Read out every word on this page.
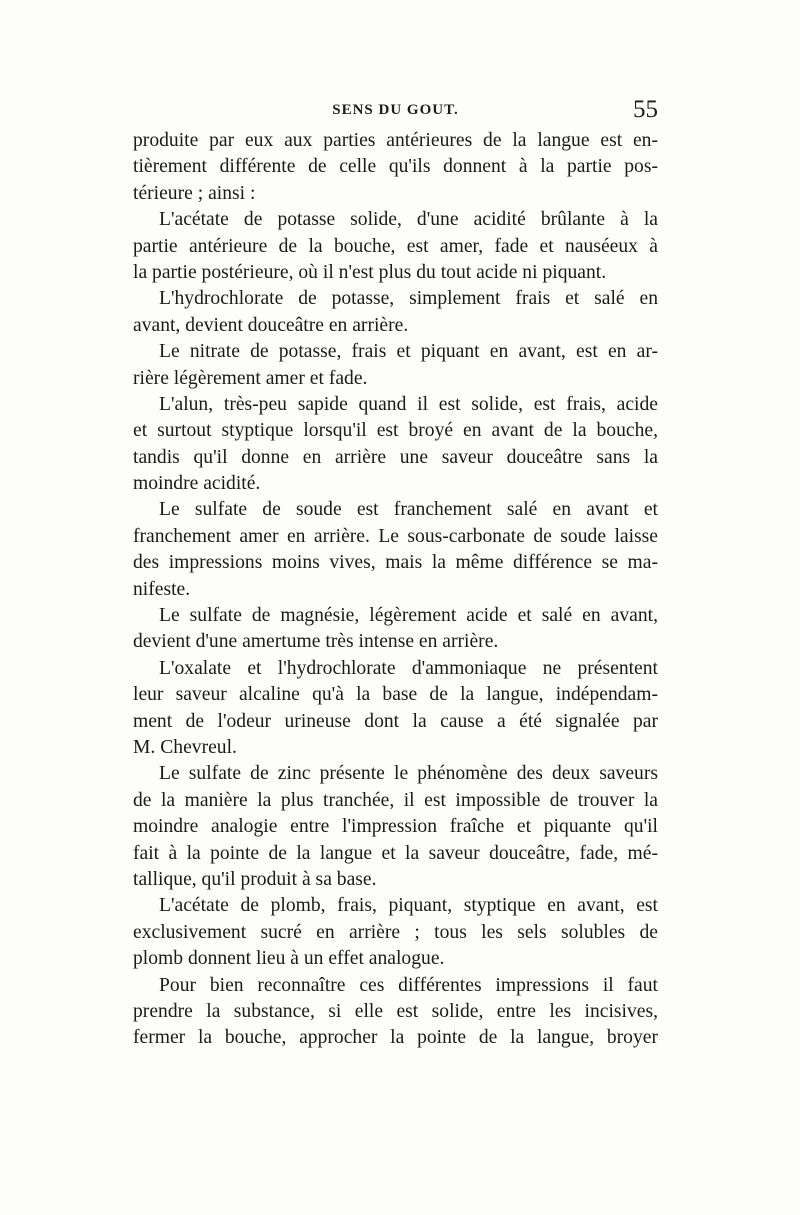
SENS DU GOUT.	55
produite par eux aux parties antérieures de la langue est en-
tièrement différente de celle qu'ils donnent à la partie pos-
térieure ; ainsi :
L'acétate de potasse solide, d'une acidité brûlante à la
partie antérieure de la bouche, est amer, fade et nauséeux à
la partie postérieure, où il n'est plus du tout acide ni piquant.
L'hydrochlorate de potasse, simplement frais et salé en
avant, devient douceâtre en arrière.
Le nitrate de potasse, frais et piquant en avant, est en ar-
rière légèrement amer et fade.
L'alun, très-peu sapide quand il est solide, est frais, acide
et surtout styptique lorsqu'il est broyé en avant de la bouche,
tandis qu'il donne en arrière une saveur douceâtre sans la
moindre acidité.
Le sulfate de soude est franchement salé en avant et
franchement amer en arrière. Le sous-carbonate de soude laisse
des impressions moins vives, mais la même différence se ma-
nifeste.
Le sulfate de magnésie, légèrement acide et salé en avant,
devient d'une amertume très intense en arrière.
L'oxalate et l'hydrochlorate d'ammoniaque ne présentent
leur saveur alcaline qu'à la base de la langue, indépendam-
ment de l'odeur urineuse dont la cause a été signalée par
M. Chevreul.
Le sulfate de zinc présente le phénomène des deux saveurs
de la manière la plus tranchée, il est impossible de trouver la
moindre analogie entre l'impression fraîche et piquante qu'il
fait à la pointe de la langue et la saveur douceâtre, fade, mé-
tallique, qu'il produit à sa base.
L'acétate de plomb, frais, piquant, styptique en avant, est
exclusivement sucré en arrière ; tous les sels solubles de
plomb donnent lieu à un effet analogue.
Pour bien reconnaître ces différentes impressions il faut
prendre la substance, si elle est solide, entre les incisives,
fermer la bouche, approcher la pointe de la langue, broyer
